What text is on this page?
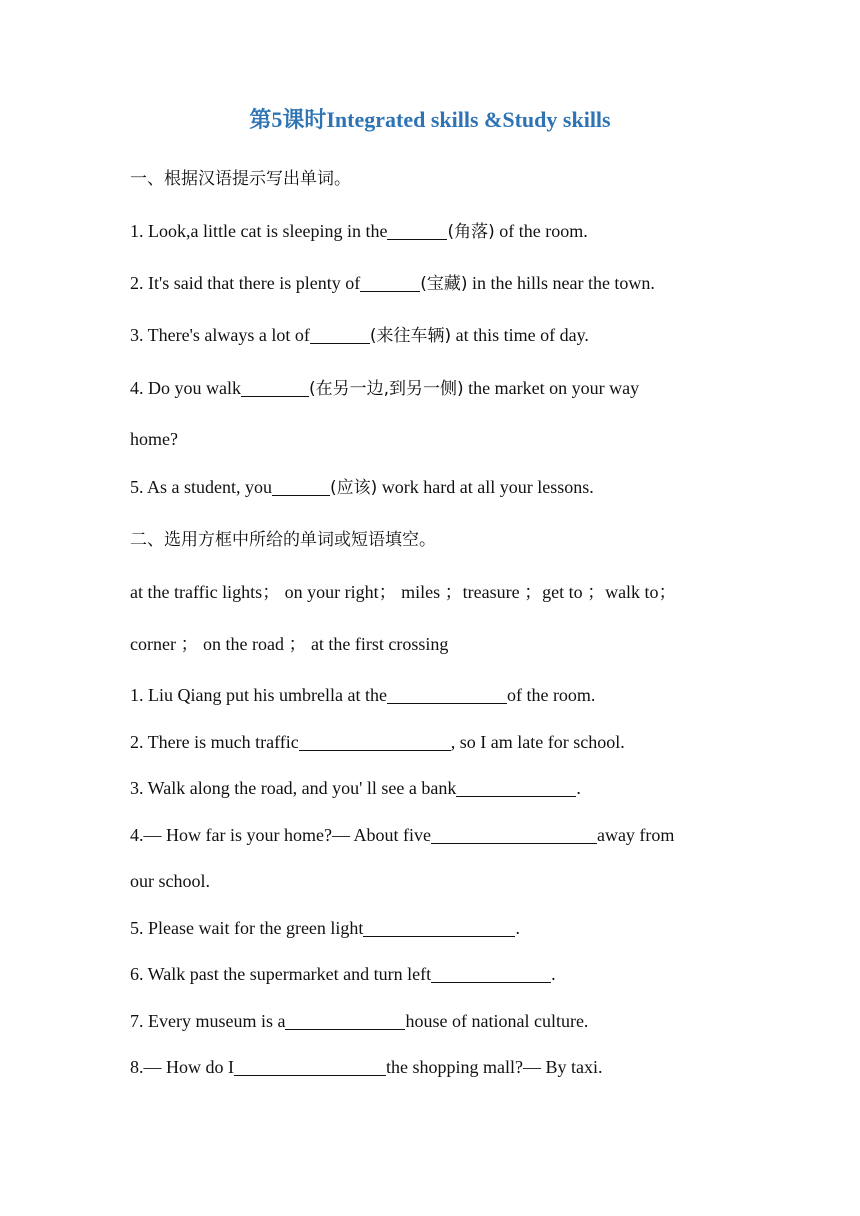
第5课时Integrated skills &Study skills
一、根据汉语提示写出单词。
1. Look,a little cat is sleeping in the	(角落) of the room.
2. It's said that there is plenty of	(宝藏) in the hills near the town.
3. There's always a lot of	(来往车辆) at this time of day.
4. Do you walk	(在另一边,到另一侧) the market on your way
home?
5. As a student, you	(应该) work hard at all your lessons.
二、选用方框中所给的单词或短语填空。
at the traffic lights； on your right； miles ；treasure ；get to ；walk to；
corner ； on the road ； at the first crossing
1. Liu Qiang put his umbrella at the	of the room.
2. There is much traffic	, so I am late for school.
3. Walk along the road, and you' ll see a bank	.
4.— How far is your home?— About five	away from
our school.
5. Please wait for the green light	.
6. Walk past the supermarket and turn left	.
7. Every museum is a	house of national culture.
8.— How do I	the shopping mall?— By taxi.
